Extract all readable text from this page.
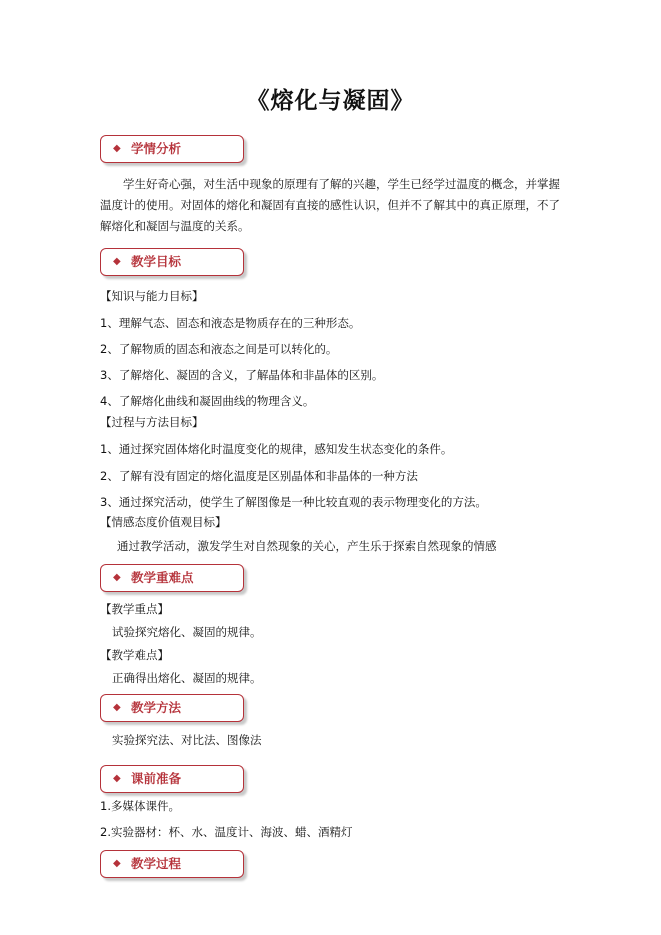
《熔化与凝固》
◆ 学情分析
学生好奇心强，对生活中现象的原理有了解的兴趣，学生已经学过温度的概念，并掌握温度计的使用。对固体的熔化和凝固有直接的感性认识，但并不了解其中的真正原理，不了解熔化和凝固与温度的关系。
◆ 教学目标
【知识与能力目标】
1、理解气态、固态和液态是物质存在的三种形态。
2、了解物质的固态和液态之间是可以转化的。
3、了解熔化、凝固的含义，了解晶体和非晶体的区别。
4、了解熔化曲线和凝固曲线的物理含义。
【过程与方法目标】
1、通过探究固体熔化时温度变化的规律，感知发生状态变化的条件。
2、了解有没有固定的熔化温度是区别晶体和非晶体的一种方法
3、通过探究活动，使学生了解图像是一种比较直观的表示物理变化的方法。
【情感态度价值观目标】
通过教学活动，激发学生对自然现象的关心，产生乐于探索自然现象的情感
◆ 教学重难点
【教学重点】
试验探究熔化、凝固的规律。
【教学难点】
正确得出熔化、凝固的规律。
◆ 教学方法
实验探究法、对比法、图像法
◆ 课前准备
1.多媒体课件。
2.实验器材：杯、水、温度计、海波、蜡、酒精灯
◆ 教学过程
